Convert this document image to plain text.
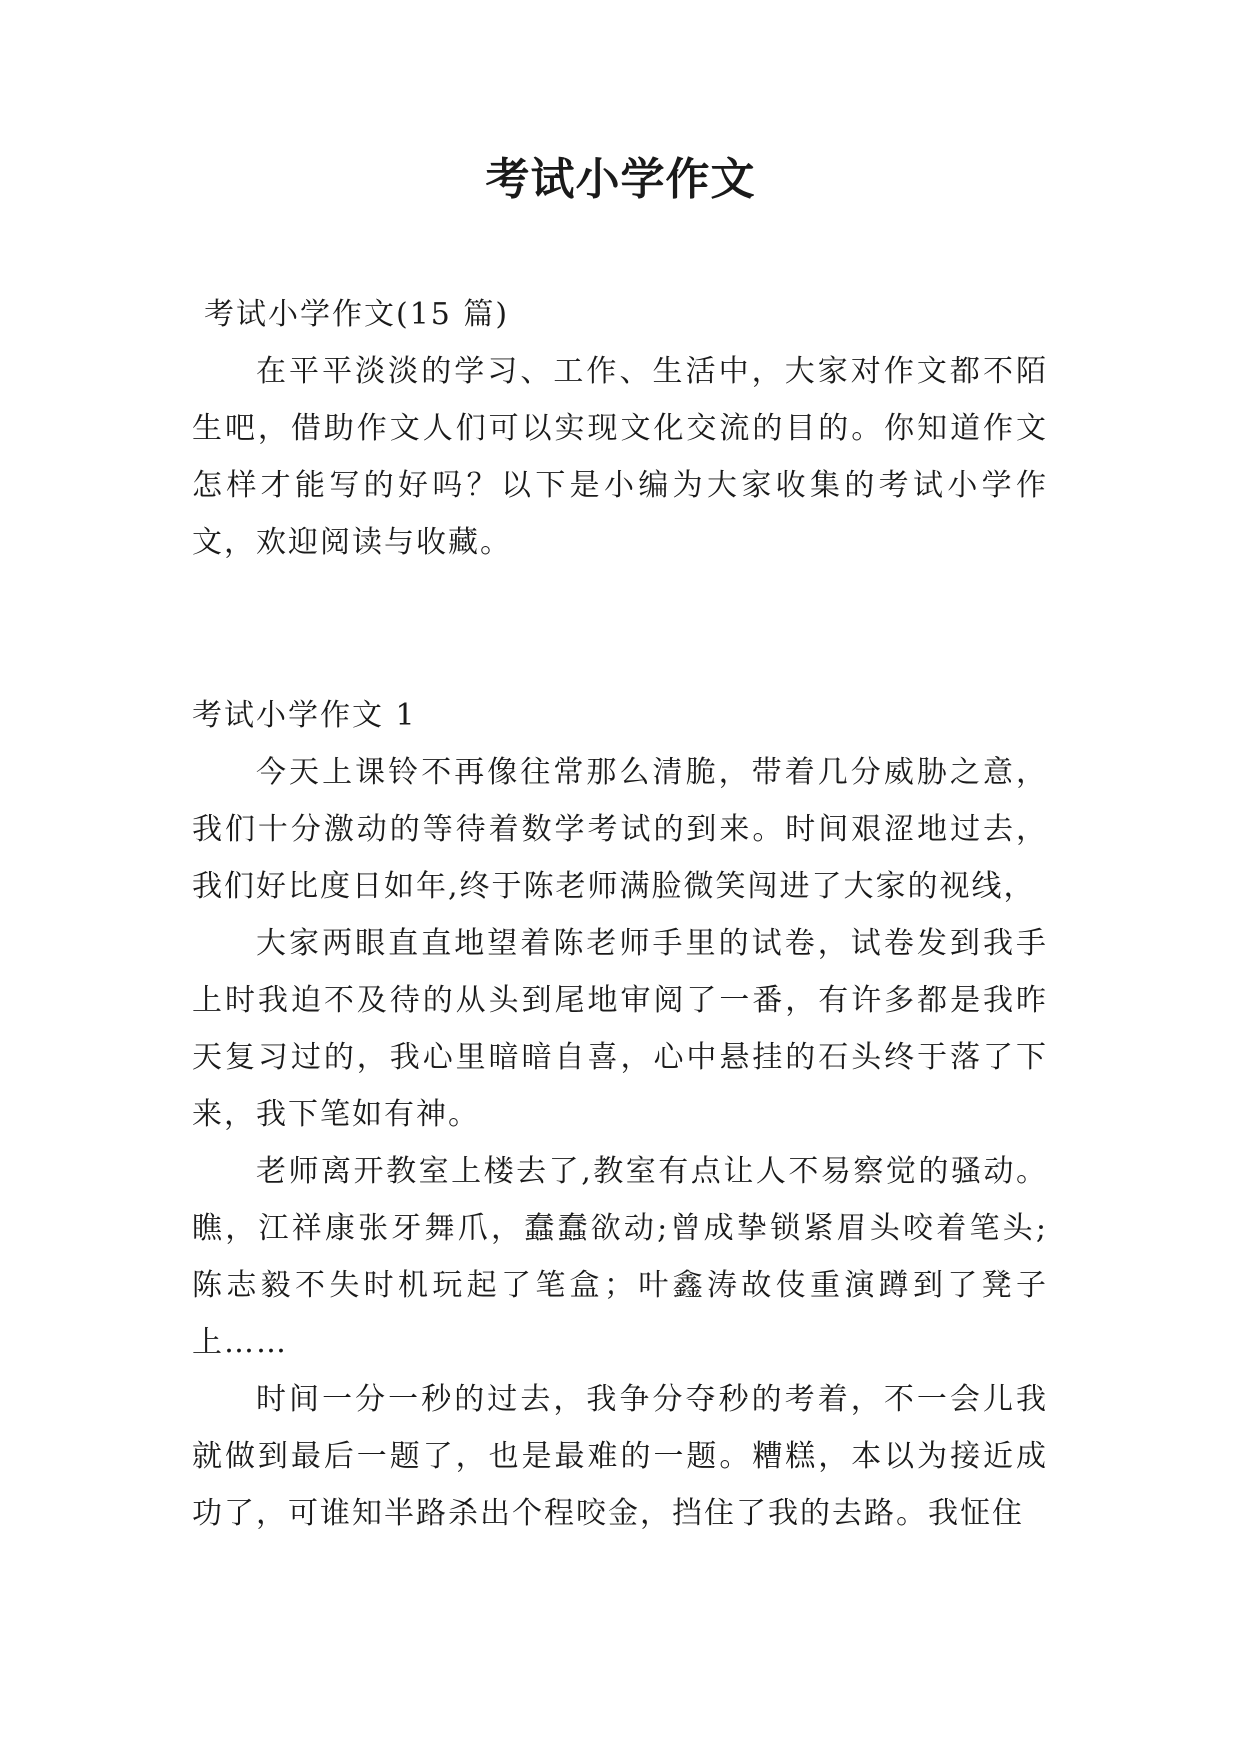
考试小学作文

考试小学作文(15 篇)

在平平淡淡的学习、工作、生活中，大家对作文都不陌生吧，借助作文人们可以实现文化交流的目的。你知道作文怎样才能写的好吗？以下是小编为大家收集的考试小学作文，欢迎阅读与收藏。

考试小学作文 1

今天上课铃不再像往常那么清脆，带着几分威胁之意，我们十分激动的等待着数学考试的到来。时间艰涩地过去，我们好比度日如年,终于陈老师满脸微笑闯进了大家的视线，

大家两眼直直地望着陈老师手里的试卷，试卷发到我手上时我迫不及待的从头到尾地审阅了一番，有许多都是我昨天复习过的，我心里暗暗自喜，心中悬挂的石头终于落了下来，我下笔如有神。

老师离开教室上楼去了,教室有点让人不易察觉的骚动。瞧，江祥康张牙舞爪，蠢蠢欲动;曾成挚锁紧眉头咬着笔头;陈志毅不失时机玩起了笔盒；叶鑫涛故伎重演蹲到了凳子上……

时间一分一秒的过去，我争分夺秒的考着，不一会儿我就做到最后一题了，也是最难的一题。糟糕，本以为接近成功了，可谁知半路杀出个程咬金，挡住了我的去路。我怔住
